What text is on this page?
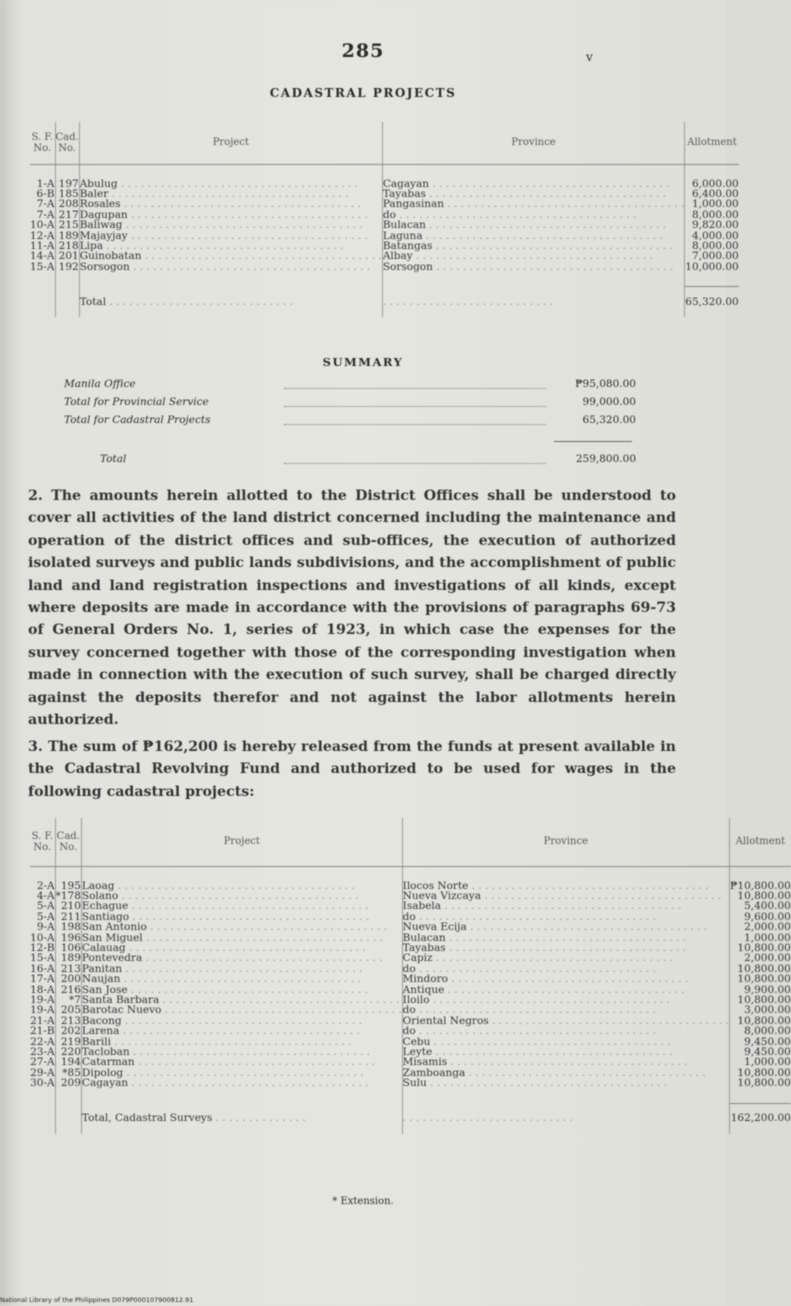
285	v
CADASTRAL PROJECTS
S. F. No.	Cad. No.	Project	Province	Allotment

1-A	197	Abulug . . . . . . . . . . . . . . . . . . . . . . . . . . . . . . . . . . . .	Cagayan . . . . . . . . . . . . . . . . . . . . . . . . . . . . . . . . . . . .	6,000.00
6-B	185	Baler . . . . . . . . . . . . . . . . . . . . . . . . . . . . . . . . . . . .	Tayabas . . . . . . . . . . . . . . . . . . . . . . . . . . . . . . . . . . . .	6,400.00
7-A	208	Rosales . . . . . . . . . . . . . . . . . . . . . . . . . . . . . . . . . . . .	Pangasinan . . . . . . . . . . . . . . . . . . . . . . . . . . . . . . . . . . . .	1,000.00
7-A	217	Dagupan . . . . . . . . . . . . . . . . . . . . . . . . . . . . . . . . . . . .	do . . . . . . . . . . . . . . . . . . . . . . . . . . . . . . . . . . . .	8,000.00
10-A	215	Baliwag . . . . . . . . . . . . . . . . . . . . . . . . . . . . . . . . . . . .	Bulacan . . . . . . . . . . . . . . . . . . . . . . . . . . . . . . . . . . . .	9,820.00
12-A	189	Majayjay . . . . . . . . . . . . . . . . . . . . . . . . . . . . . . . . . . . .	Laguna . . . . . . . . . . . . . . . . . . . . . . . . . . . . . . . . . . . .	4,000.00
11-A	218	Lipa . . . . . . . . . . . . . . . . . . . . . . . . . . . . . . . . . . . .	Batangas . . . . . . . . . . . . . . . . . . . . . . . . . . . . . . . . . . . .	8,000.00
14-A	201	Guinobatan . . . . . . . . . . . . . . . . . . . . . . . . . . . . . . . . . . . .	Albay . . . . . . . . . . . . . . . . . . . . . . . . . . . . . . . . . . . .	7,000.00
15-A	192	Sorsogon . . . . . . . . . . . . . . . . . . . . . . . . . . . . . . . . . . . .	Sorsogon . . . . . . . . . . . . . . . . . . . . . . . . . . . . . . . . . . . .	10,000.00

		Total . . . . . . . . . . . . . . . . . . . . . . . . . . . .	. . . . . . . . . . . . . . . . . . . . . . . . . .	65,320.00
SUMMARY
Manila Office	₱95,080.00
Total for Provincial Service	99,000.00
Total for Cadastral Projects	65,320.00
Total	259,800.00
2. The amounts herein allotted to the District Offices shall be understood to cover all activities of the land district concerned including the maintenance and operation of the district offices and sub-offices, the execution of authorized isolated surveys and public lands subdivisions, and the accomplishment of public land and land registration inspections and investigations of all kinds, except where deposits are made in accordance with the provisions of paragraphs 69-73 of General Orders No. 1, series of 1923, in which case the expenses for the survey concerned together with those of the corresponding investigation when made in connection with the execution of such survey, shall be charged directly against the deposits therefor and not against the labor allotments herein authorized.
3. The sum of ₱162,200 is hereby released from the funds at present available in the Cadastral Revolving Fund and authorized to be used for wages in the following cadastral projects:
S. F. No.	Cad. No.	Project	Province	Allotment

2-A	195	Laoag . . . . . . . . . . . . . . . . . . . . . . . . . . . . . . . . . . . .	Ilocos Norte . . . . . . . . . . . . . . . . . . . . . . . . . . . . . . . . . . . .	₱10,800.00
4-A	*178	Solano . . . . . . . . . . . . . . . . . . . . . . . . . . . . . . . . . . . .	Nueva Vizcaya . . . . . . . . . . . . . . . . . . . . . . . . . . . . . . . . . . . .	10,800.00
5-A	210	Echague . . . . . . . . . . . . . . . . . . . . . . . . . . . . . . . . . . . .	Isabela . . . . . . . . . . . . . . . . . . . . . . . . . . . . . . . . . . . .	5,400.00
5-A	211	Santiago . . . . . . . . . . . . . . . . . . . . . . . . . . . . . . . . . . . .	do . . . . . . . . . . . . . . . . . . . . . . . . . . . . . . . . . . . .	9,600.00
9-A	198	San Antonio . . . . . . . . . . . . . . . . . . . . . . . . . . . . . . . . . . . .	Nueva Ecija . . . . . . . . . . . . . . . . . . . . . . . . . . . . . . . . . . . .	2,000.00
10-A	196	San Miguel . . . . . . . . . . . . . . . . . . . . . . . . . . . . . . . . . . . .	Bulacan . . . . . . . . . . . . . . . . . . . . . . . . . . . . . . . . . . . .	1,000.00
12-B	106	Calauag . . . . . . . . . . . . . . . . . . . . . . . . . . . . . . . . . . . .	Tayabas . . . . . . . . . . . . . . . . . . . . . . . . . . . . . . . . . . . .	10,800.00
15-A	189	Pontevedra . . . . . . . . . . . . . . . . . . . . . . . . . . . . . . . . . . . .	Capiz . . . . . . . . . . . . . . . . . . . . . . . . . . . . . . . . . . . .	2,000.00
16-A	213	Panitan . . . . . . . . . . . . . . . . . . . . . . . . . . . . . . . . . . . .	do . . . . . . . . . . . . . . . . . . . . . . . . . . . . . . . . . . . .	10,800.00
17-A	200	Naujan . . . . . . . . . . . . . . . . . . . . . . . . . . . . . . . . . . . .	Mindoro . . . . . . . . . . . . . . . . . . . . . . . . . . . . . . . . . . . .	10,800.00
18-A	216	San Jose . . . . . . . . . . . . . . . . . . . . . . . . . . . . . . . . . . . .	Antique . . . . . . . . . . . . . . . . . . . . . . . . . . . . . . . . . . . .	9,900.00
19-A	*7	Santa Barbara . . . . . . . . . . . . . . . . . . . . . . . . . . . . . . . . . . . .	Iloilo . . . . . . . . . . . . . . . . . . . . . . . . . . . . . . . . . . . .	10,800.00
19-A	205	Barotac Nuevo . . . . . . . . . . . . . . . . . . . . . . . . . . . . . . . . . . . .	do . . . . . . . . . . . . . . . . . . . . . . . . . . . . . . . . . . . .	3,000.00
21-A	213	Bacong . . . . . . . . . . . . . . . . . . . . . . . . . . . . . . . . . . . .	Oriental Negros . . . . . . . . . . . . . . . . . . . . . . . . . . . . . . . . . . . .	10,800.00
21-B	202	Larena . . . . . . . . . . . . . . . . . . . . . . . . . . . . . . . . . . . .	do . . . . . . . . . . . . . . . . . . . . . . . . . . . . . . . . . . . .	8,000.00
22-A	219	Barili . . . . . . . . . . . . . . . . . . . . . . . . . . . . . . . . . . . .	Cebu . . . . . . . . . . . . . . . . . . . . . . . . . . . . . . . . . . . .	9,450.00
23-A	220	Tacloban . . . . . . . . . . . . . . . . . . . . . . . . . . . . . . . . . . . .	Leyte . . . . . . . . . . . . . . . . . . . . . . . . . . . . . . . . . . . .	9,450.00
27-A	194	Catarman . . . . . . . . . . . . . . . . . . . . . . . . . . . . . . . . . . . .	Misamis . . . . . . . . . . . . . . . . . . . . . . . . . . . . . . . . . . . .	1,000.00
29-A	*85	Dipolog . . . . . . . . . . . . . . . . . . . . . . . . . . . . . . . . . . . .	Zamboanga . . . . . . . . . . . . . . . . . . . . . . . . . . . . . . . . . . . .	10,800.00
30-A	209	Cagayan . . . . . . . . . . . . . . . . . . . . . . . . . . . . . . . . . . . .	Sulu . . . . . . . . . . . . . . . . . . . . . . . . . . . . . . . . . . . .	10,800.00

		Total, Cadastral Surveys . . . . . . . . . . . . . .	. . . . . . . . . . . . . . . . . . . . . . . . . .	162,200.00
* Extension.
National Library of the Philippines D079P000107900812.91
